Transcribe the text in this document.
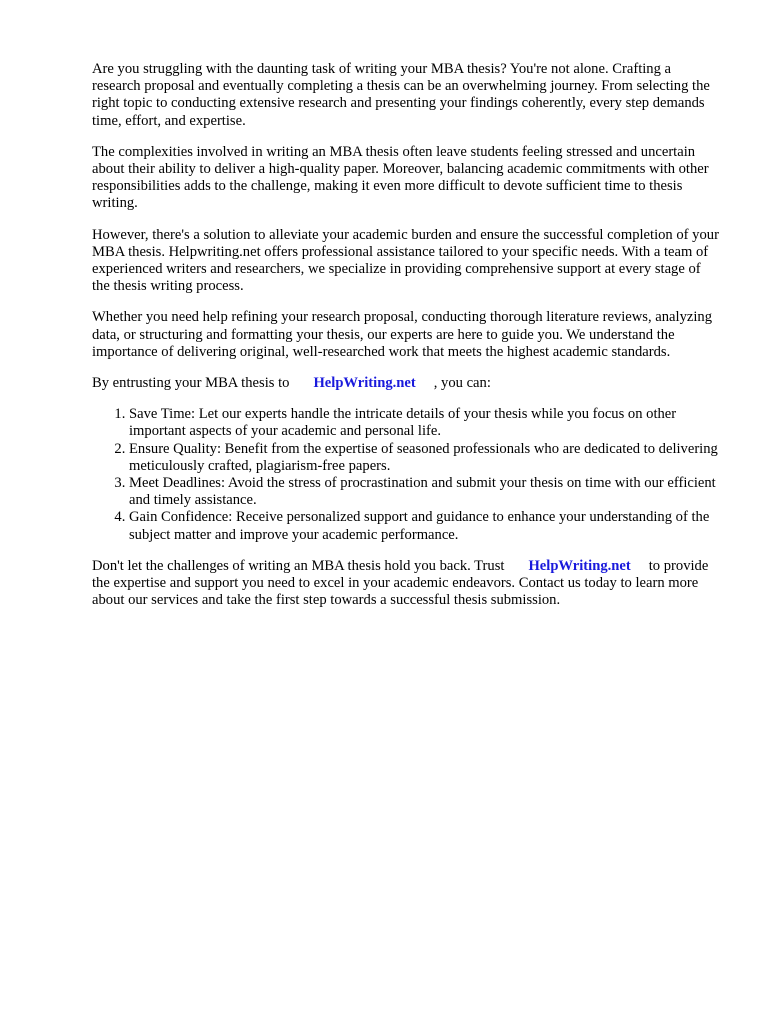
Are you struggling with the daunting task of writing your MBA thesis? You're not alone. Crafting a research proposal and eventually completing a thesis can be an overwhelming journey. From selecting the right topic to conducting extensive research and presenting your findings coherently, every step demands time, effort, and expertise.

The complexities involved in writing an MBA thesis often leave students feeling stressed and uncertain about their ability to deliver a high-quality paper. Moreover, balancing academic commitments with other responsibilities adds to the challenge, making it even more difficult to devote sufficient time to thesis writing.

However, there's a solution to alleviate your academic burden and ensure the successful completion of your MBA thesis. Helpwriting.net offers professional assistance tailored to your specific needs. With a team of experienced writers and researchers, we specialize in providing comprehensive support at every stage of the thesis writing process.

Whether you need help refining your research proposal, conducting thorough literature reviews, analyzing data, or structuring and formatting your thesis, our experts are here to guide you. We understand the importance of delivering original, well-researched work that meets the highest academic standards.

By entrusting your MBA thesis to HelpWriting.net , you can:

1. Save Time: Let our experts handle the intricate details of your thesis while you focus on other important aspects of your academic and personal life.
2. Ensure Quality: Benefit from the expertise of seasoned professionals who are dedicated to delivering meticulously crafted, plagiarism-free papers.
3. Meet Deadlines: Avoid the stress of procrastination and submit your thesis on time with our efficient and timely assistance.
4. Gain Confidence: Receive personalized support and guidance to enhance your understanding of the subject matter and improve your academic performance.

Don't let the challenges of writing an MBA thesis hold you back. Trust HelpWriting.net to provide the expertise and support you need to excel in your academic endeavors. Contact us today to learn more about our services and take the first step towards a successful thesis submission.
